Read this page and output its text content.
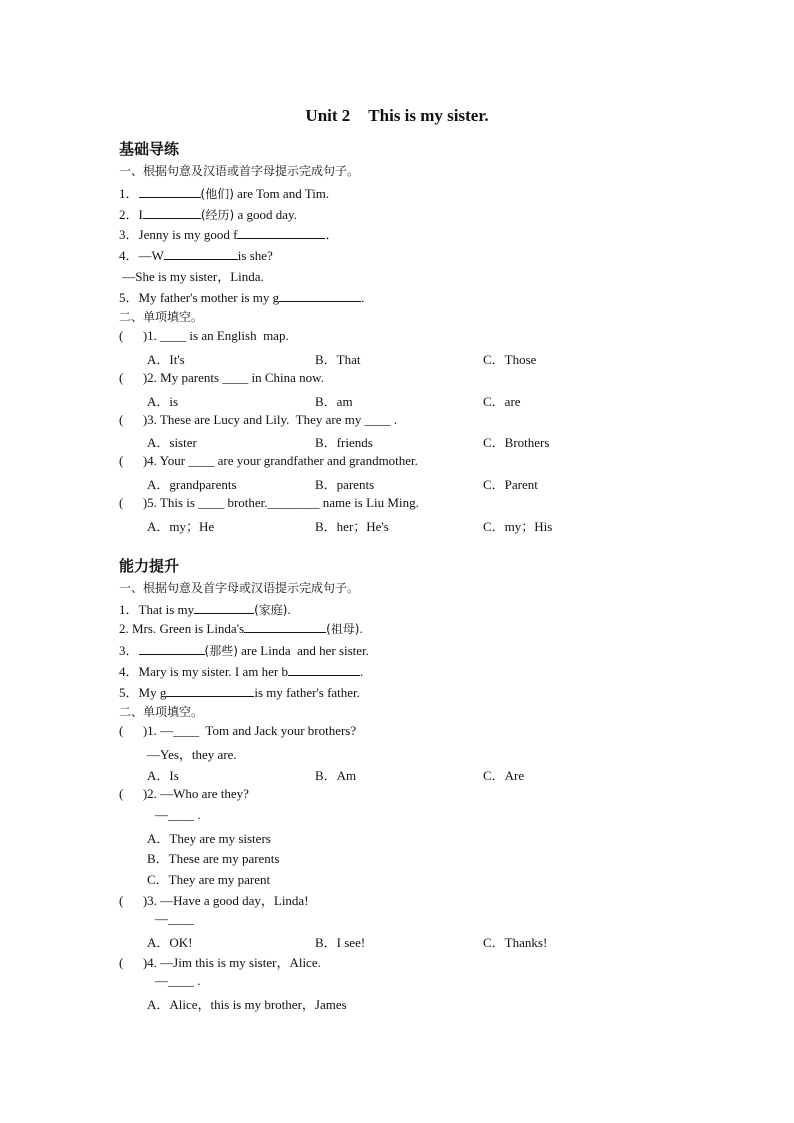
Unit 2 This is my sister.
基础导练
一、根据句意及汉语或首字母提示完成句子。
1．	(他们) are Tom and Tim.
2．I	(经历) a good day.
3．Jenny is my good f	．
4．—W	is she?
—She is my sister，Linda.
5．My father's mother is my g	.
二、单项填空。
(      )1. ____ is an English  map.
A．It's	B．That	C．Those
(      )2. My parents ____ in China now.
A．is	B．am	C．are
(      )3. These are Lucy and Lily.  They are my ____ .
A．sister	B．friends	C．Brothers
(      )4. Your ____ are your grandfather and grandmother.
A．grandparents	B．parents	C．Parent
(      )5. This is ____ brother.________ name is Liu Ming.
A．my；He	B．her；He's	C．my；His
能力提升
一、根据句意及首字母或汉语提示完成句子。
1．That is my	(家庭).
2. Mrs. Green is Linda's	(祖母).
3．	(那些) are Linda  and her sister.
4．Mary is my sister. I am her b	.
5．My g	is my father's father.
二、单项填空。
(      )1. —____  Tom and Jack your brothers?
—Yes，they are.
A．Is	B．Am	C．Are
(      )2. —Who are they?
—____ .
A．They are my sisters
B．These are my parents
C．They are my parent
(      )3. —Have a good day，Linda!
—____
A．OK!	B．I see!	C．Thanks!
(      )4. —Jim this is my sister，Alice.
—____ .
A．Alice，this is my brother，James
